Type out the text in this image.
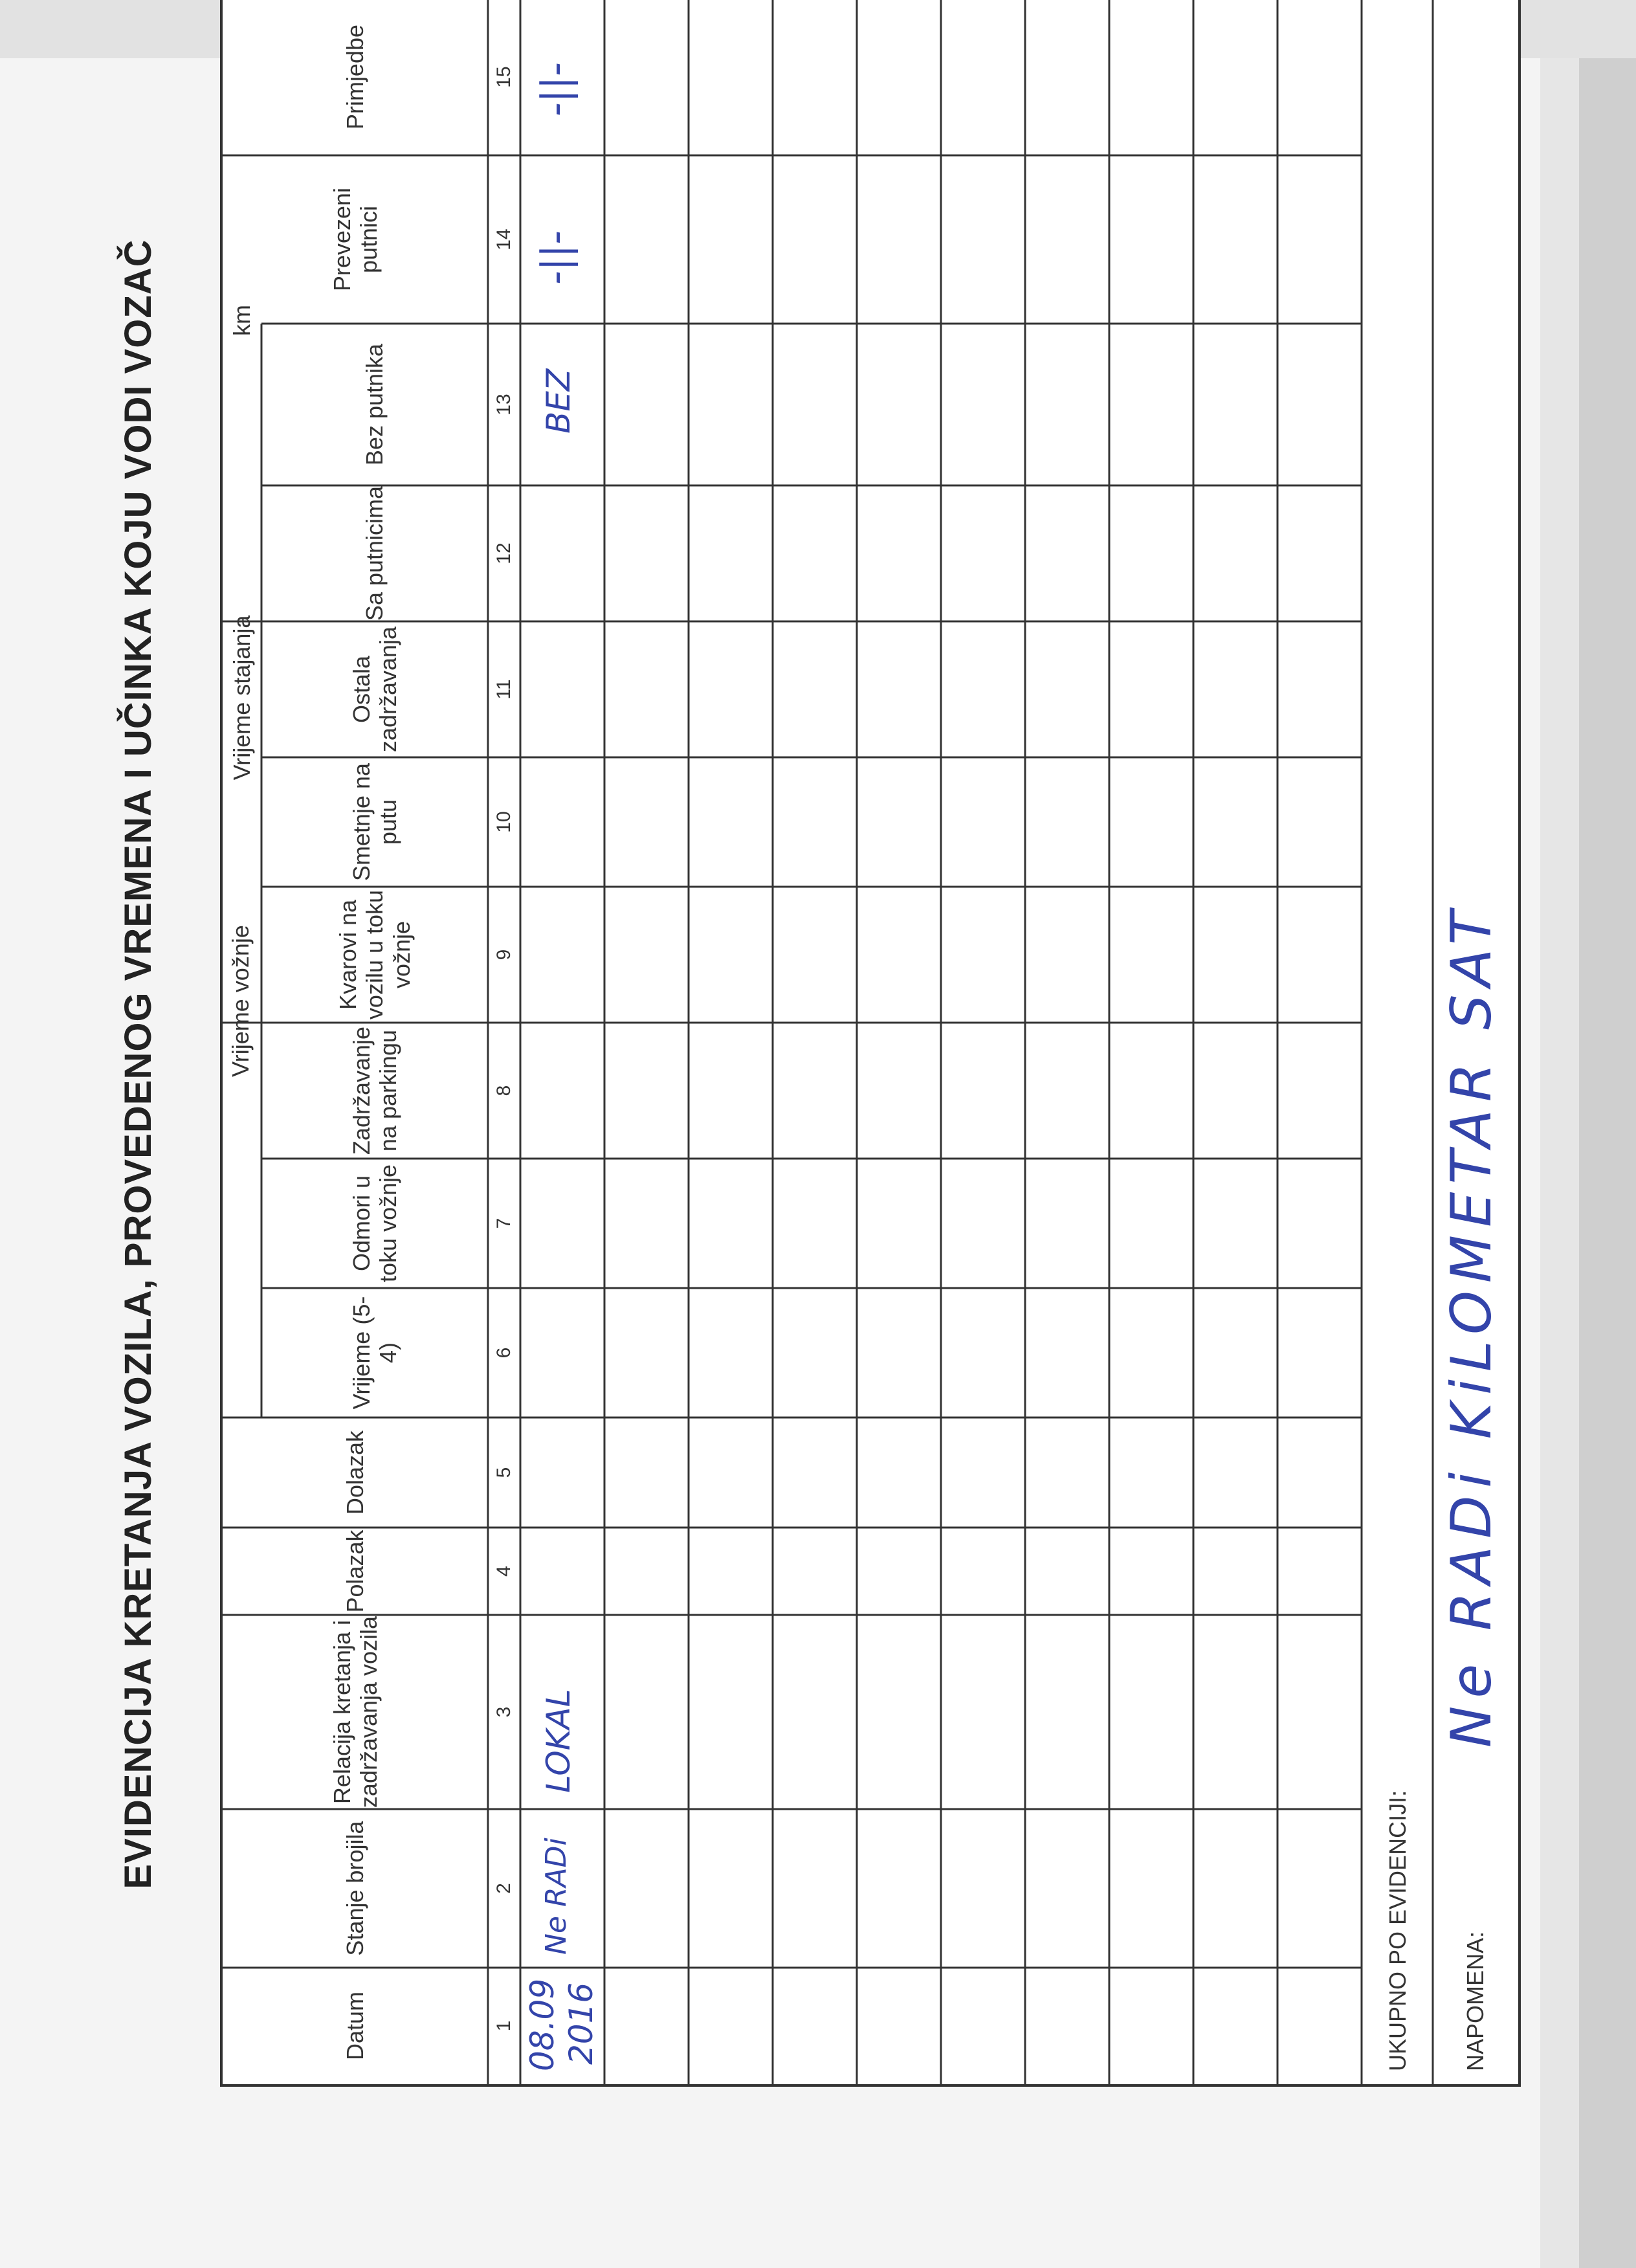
EVIDENCIJA KRETANJA VOZILA, PROVEDENOG VREMENA I UČINKA KOJU VODI VOZAČ	Vrijeme vožnje
Vrijeme stajanja
km
Datum
Stanje brojila
Relacija kretanja i zadržavanja vozila
Polazak
Dolazak
Vrijeme (5-4)
Odmori u toku vožnje
Zadržavanje na parkingu
Kvarovi na vozilu u toku vožnje
Smetnje na putu
Ostala zadržavanja
Sa putnicima
Bez putnika
Prevezeni putnici
Primjedbe
1
2
3
4
5
6
7
8
9
10
11
12
13
14
15
08.09 2016
Ne RADi
LOKAL
BEZ
-||-
-||-
UKUPNO PO EVIDENCIJI: NAPOMENA:
Ne RADi KiLOMETAR SAT
